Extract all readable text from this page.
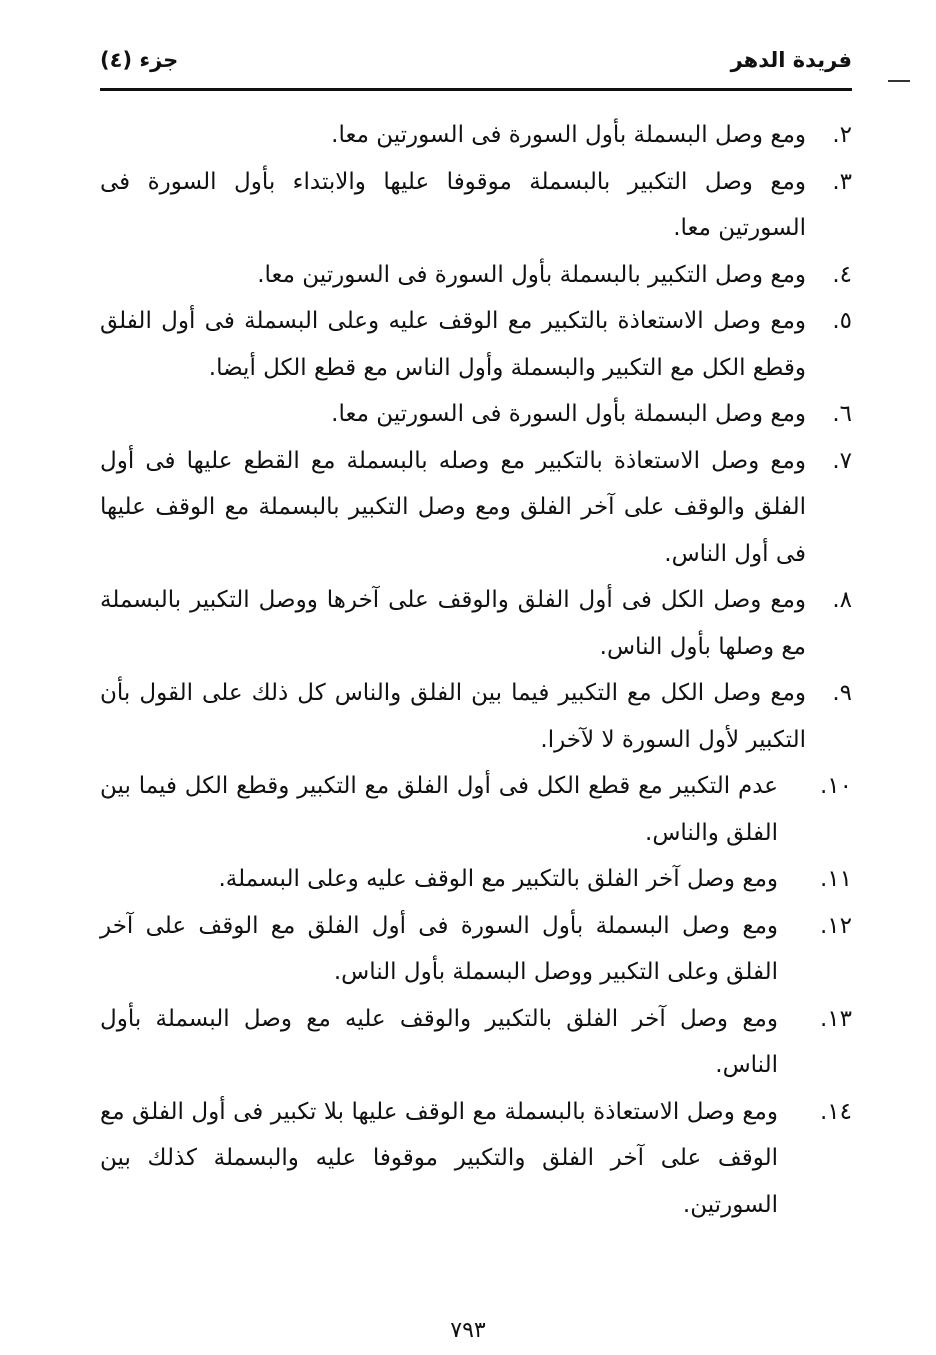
فريدة الدهر
جزء (٤)
٢.
ومع وصل البسملة بأول السورة فى السورتين معا.
٣.
ومع وصل التكبير بالبسملة موقوفا عليها والابتداء بأول السورة فى السورتين معا.
٤.
ومع وصل التكبير بالبسملة بأول السورة فى السورتين معا.
٥.
ومع وصل الاستعاذة بالتكبير مع الوقف عليه وعلى البسملة فى أول الفلق وقطع الكل مع التكبير والبسملة وأول الناس مع قطع الكل أيضا.
٦.
ومع وصل البسملة بأول السورة فى السورتين معا.
٧.
ومع وصل الاستعاذة بالتكبير مع وصله بالبسملة مع القطع عليها فى أول الفلق والوقف على آخر الفلق ومع وصل التكبير بالبسملة مع الوقف عليها فى أول الناس.
٨.
ومع وصل الكل فى أول الفلق والوقف على آخرها ووصل التكبير بالبسملة مع وصلها بأول الناس.
٩.
ومع وصل الكل مع التكبير فيما بين الفلق والناس كل ذلك على القول بأن التكبير لأول السورة لا لآخرا.
١٠.
عدم التكبير مع قطع الكل فى أول الفلق مع التكبير وقطع الكل فيما بين الفلق والناس.
١١.
ومع وصل آخر الفلق بالتكبير مع الوقف عليه وعلى البسملة.
١٢.
ومع وصل البسملة بأول السورة فى أول الفلق مع الوقف على آخر الفلق وعلى التكبير ووصل البسملة بأول الناس.
١٣.
ومع وصل آخر الفلق بالتكبير والوقف عليه مع وصل البسملة بأول الناس.
١٤.
ومع وصل الاستعاذة بالبسملة مع الوقف عليها بلا تكبير فى أول الفلق مع الوقف على آخر الفلق والتكبير موقوفا عليه والبسملة كذلك بين السورتين.
٧٩٣
